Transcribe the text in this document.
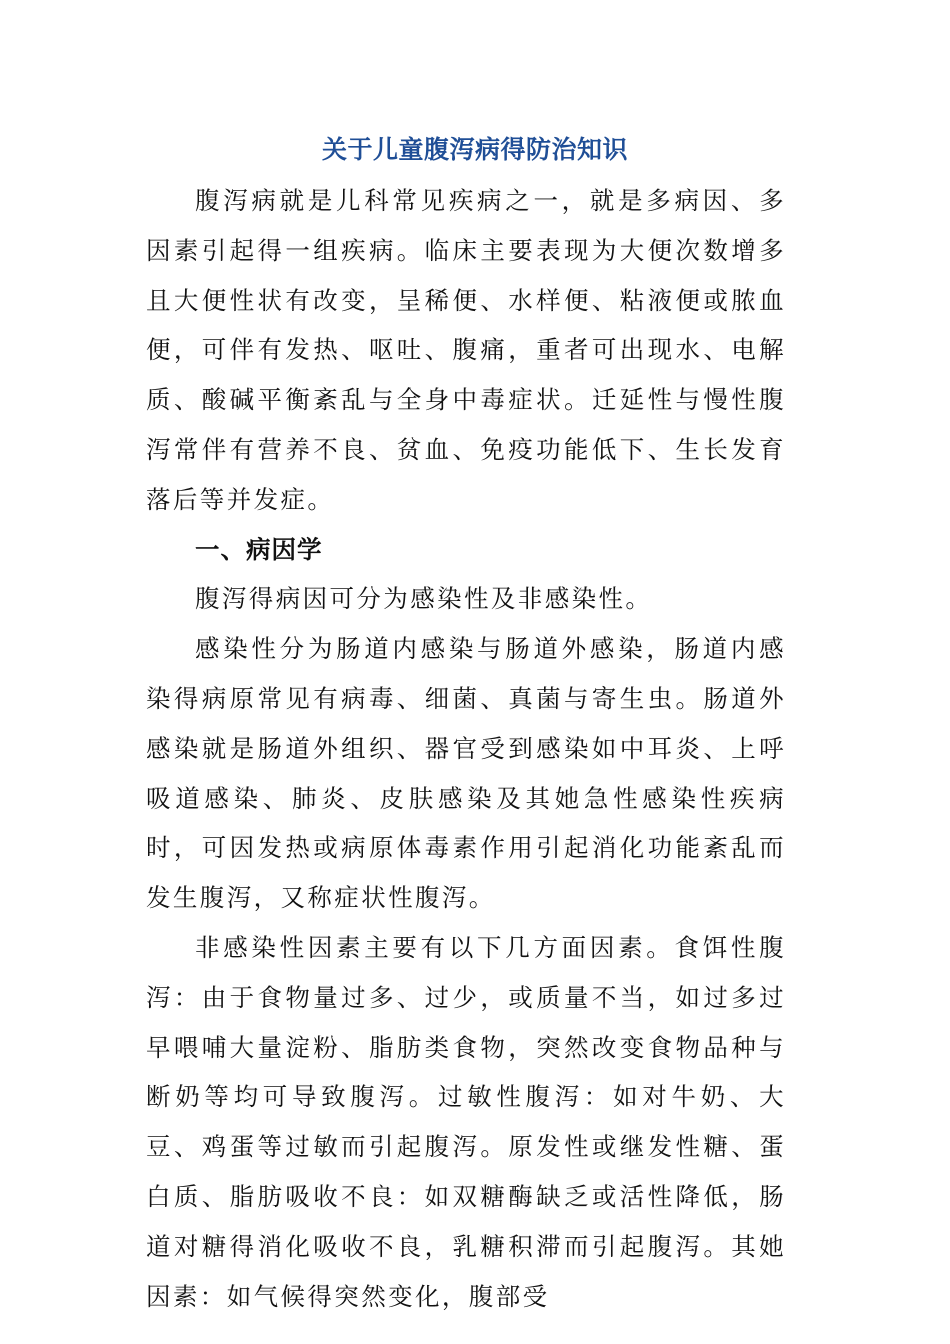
关于儿童腹泻病得防治知识

腹泻病就是儿科常见疾病之一，就是多病因、多因素引起得一组疾病。临床主要表现为大便次数增多且大便性状有改变，呈稀便、水样便、粘液便或脓血便，可伴有发热、呕吐、腹痛，重者可出现水、电解质、酸碱平衡紊乱与全身中毒症状。迁延性与慢性腹泻常伴有营养不良、贫血、免疫功能低下、生长发育落后等并发症。

一、病因学

腹泻得病因可分为感染性及非感染性。

感染性分为肠道内感染与肠道外感染，肠道内感染得病原常见有病毒、细菌、真菌与寄生虫。肠道外感染就是肠道外组织、器官受到感染如中耳炎、上呼吸道感染、肺炎、皮肤感染及其她急性感染性疾病时，可因发热或病原体毒素作用引起消化功能紊乱而发生腹泻，又称症状性腹泻。

非感染性因素主要有以下几方面因素。食饵性腹泻：由于食物量过多、过少，或质量不当，如过多过早喂哺大量淀粉、脂肪类食物，突然改变食物品种与断奶等均可导致腹泻。过敏性腹泻：如对牛奶、大豆、鸡蛋等过敏而引起腹泻。原发性或继发性糖、蛋白质、脂肪吸收不良：如双糖酶缺乏或活性降低，肠道对糖得消化吸收不良，乳糖积滞而引起腹泻。其她因素：如气候得突然变化，腹部受
